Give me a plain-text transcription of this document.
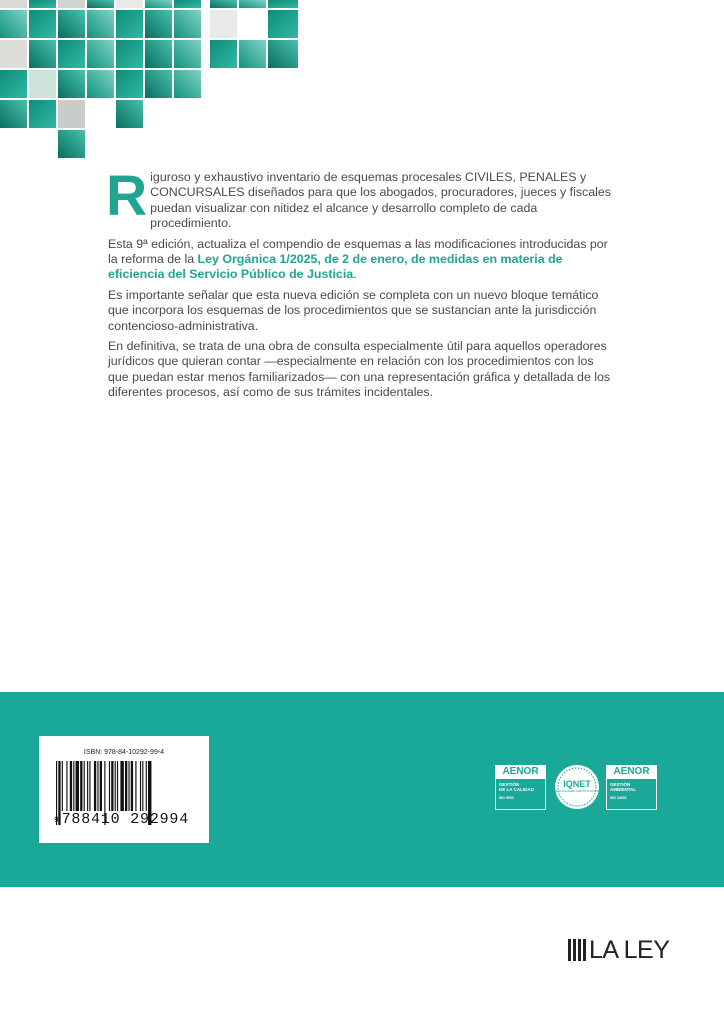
Riguroso y exhaustivo inventario de esquemas procesales CIVILES, PENALES y CONCURSALES diseñados para que los abogados, procuradores, jueces y fiscales puedan visualizar con nitidez el alcance y desarrollo completo de cada procedimiento.

Esta 9ª edición, actualiza el compendio de esquemas a las modificaciones introducidas por la reforma de la Ley Orgánica 1/2025, de 2 de enero, de medidas en materia de eficiencia del Servicio Público de Justicia.

Es importante señalar que esta nueva edición se completa con un nuevo bloque temático que incorpora los esquemas de los procedimientos que se sustancian ante la jurisdicción contencioso-administrativa.

En definitiva, se trata de una obra de consulta especialmente útil para aquellos operadores jurídicos que quieran contar —especialmente en relación con los procedimientos con los que puedan estar menos familiarizados— con una representación gráfica y detallada de los diferentes procesos, así como de sus trámites incidentales.

ISBN: 978-84-10292-99-4
9 788410 292994
AENOR
GESTIÓN
DE LA CALIDAD
ISO 9001
IQNET
RECOGNIZED CERTIFICATION
AENOR
GESTIÓN
AMBIENTAL
ISO 14001
LA LEY
